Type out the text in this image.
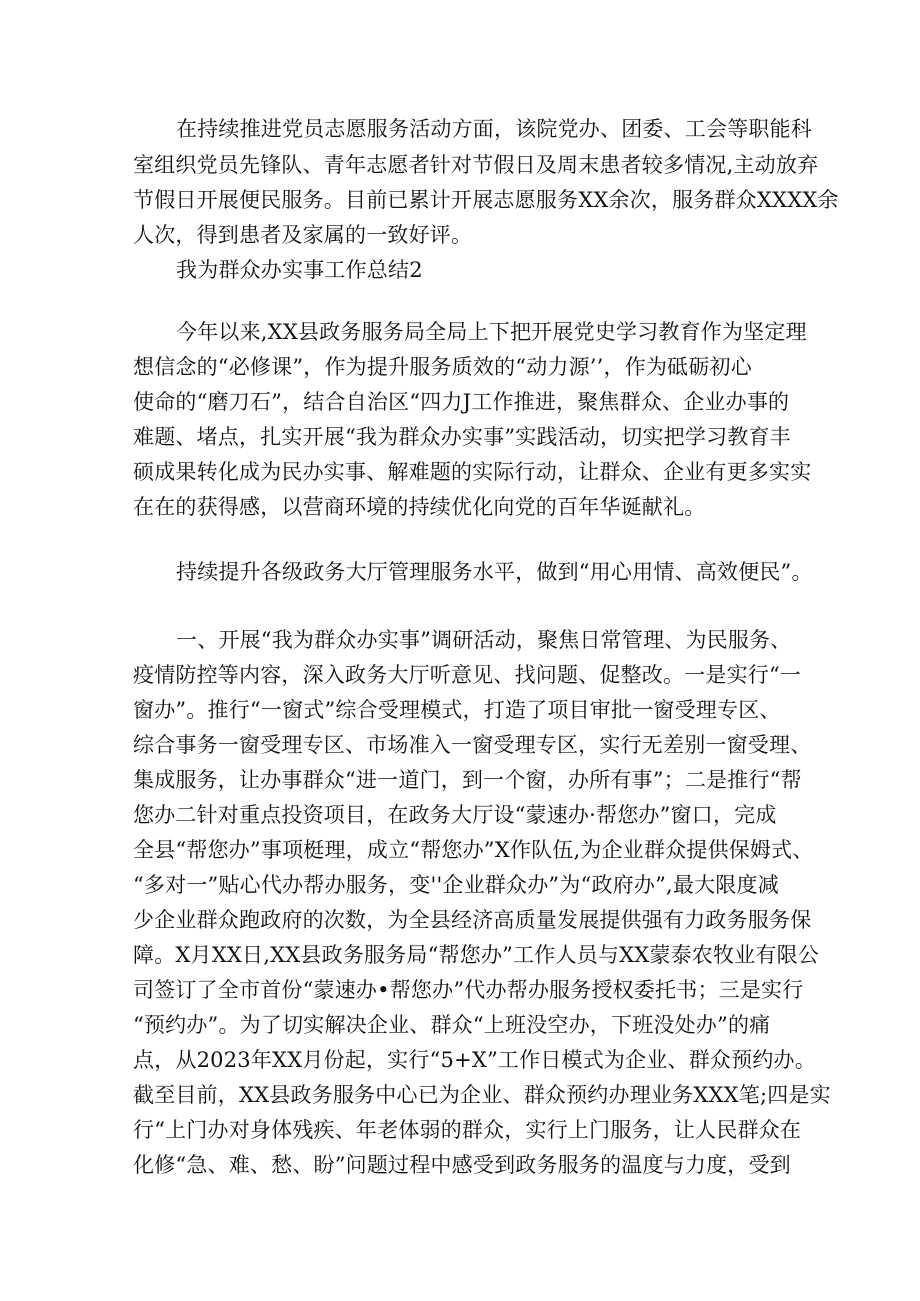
在持续推进党员志愿服务活动方面，该院党办、团委、工会等职能科
室组织党员先锋队、青年志愿者针对节假日及周末患者较多情况,主动放弃
节假日开展便民服务。目前已累计开展志愿服务XX余次，服务群众XXXX余
人次，得到患者及家属的一致好评。
我为群众办实事工作总结2
今年以来,XX县政务服务局全局上下把开展党史学习教育作为坚定理
想信念的“必修课”，作为提升服务质效的“动力源’’，作为砥砺初心
使命的“磨刀石”，结合自治区“四力J工作推进，聚焦群众、企业办事的
难题、堵点，扎实开展“我为群众办实事”实践活动，切实把学习教育丰
硕成果转化成为民办实事、解难题的实际行动，让群众、企业有更多实实
在在的获得感，以营商环境的持续优化向党的百年华诞献礼。
持续提升各级政务大厅管理服务水平，做到“用心用情、高效便民”。
一、开展“我为群众办实事”调研活动，聚焦日常管理、为民服务、
疫情防控等内容，深入政务大厅听意见、找问题、促整改。一是实行“一
窗办”。推行“一窗式”综合受理模式，打造了项目审批一窗受理专区、
综合事务一窗受理专区、市场准入一窗受理专区，实行无差别一窗受理、
集成服务，让办事群众“进一道门，到一个窗，办所有事”；二是推行“帮
您办二针对重点投资项目，在政务大厅设“蒙速办·帮您办”窗口，完成
全县“帮您办”事项梃理，成立“帮您办”X作队伍,为企业群众提供保姆式、
“多对一”贴心代办帮办服务，变''企业群众办”为“政府办”,最大限度减
少企业群众跑政府的次数，为全县经济高质量发展提供强有力政务服务保
障。X月XX日,XX县政务服务局“帮您办”工作人员与XX蒙泰农牧业有限公
司签订了全市首份“蒙速办•帮您办”代办帮办服务授权委托书；三是实行
“预约办”。为了切实解决企业、群众“上班没空办，下班没处办”的痛
点，从2023年XX月份起，实行“5+X”工作日模式为企业、群众预约办。
截至目前，XX县政务服务中心已为企业、群众预约办理业务XXX笔;四是实
行“上门办对身体残疾、年老体弱的群众，实行上门服务，让人民群众在
化修“急、难、愁、盼”问题过程中感受到政务服务的温度与力度，受到
